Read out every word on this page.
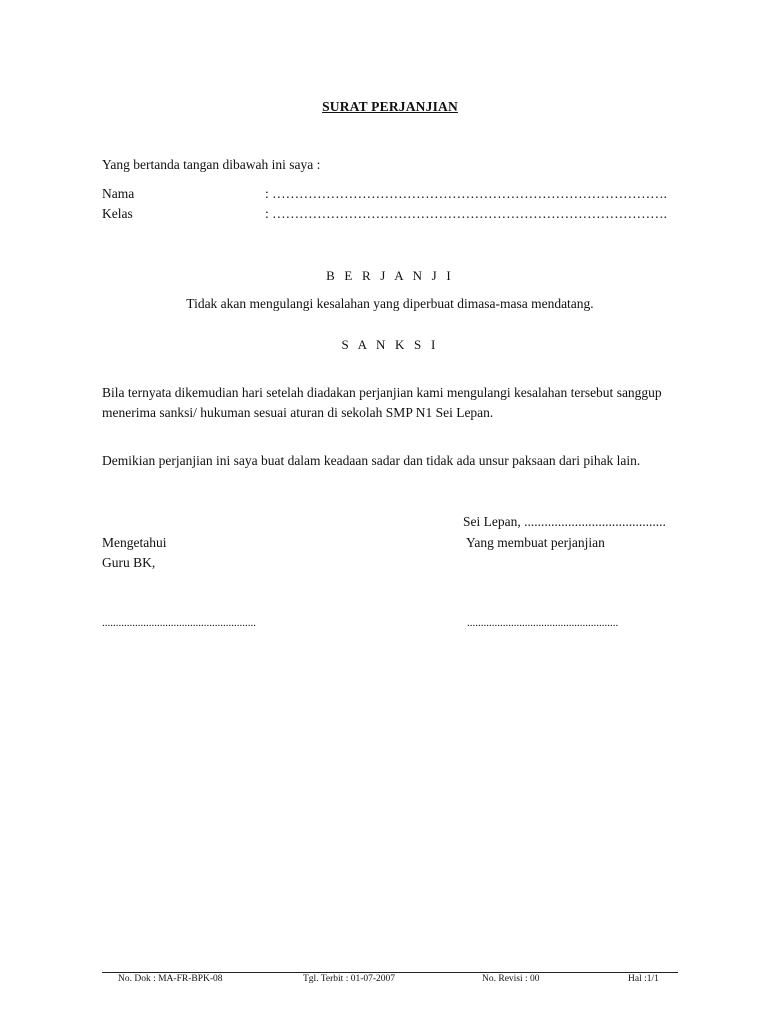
SURAT PERJANJIAN
Yang bertanda tangan dibawah ini saya :
Nama	: …………………………………………………………………………….
Kelas	: …………………………………………………………………………….
B E R J A N J I
Tidak akan mengulangi kesalahan yang diperbuat dimasa-masa mendatang.
S A N K S I
Bila ternyata dikemudian hari setelah diadakan perjanjian kami mengulangi kesalahan tersebut sanggup
menerima sanksi/ hukuman sesuai aturan di sekolah SMP N1 Sei Lepan.
Demikian perjanjian ini saya buat dalam keadaan sadar dan tidak ada unsur paksaan dari pihak lain.
Sei Lepan, ..........................................
Mengetahui	Yang membuat perjanjian
Guru BK,
........................................................	.......................................................
No. Dok : MA-FR-BPK-08	Tgl. Terbit : 01-07-2007	No. Revisi : 00	Hal :1/1
